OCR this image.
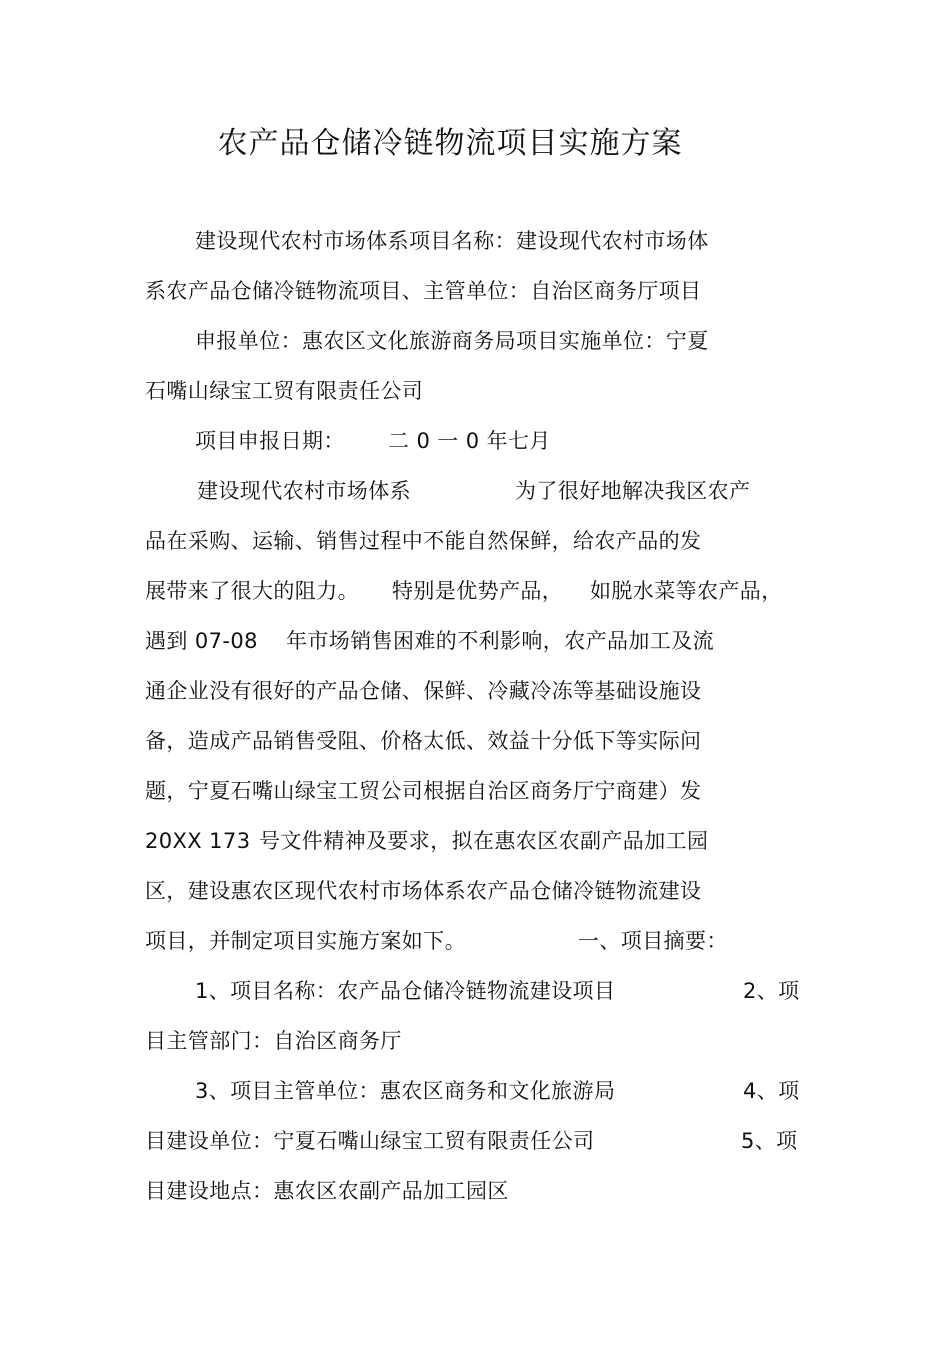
农产品仓储冷链物流项目实施方案
建设现代农村市场体系项目名称：建设现代农村市场体
系农产品仓储冷链物流项目、主管单位：自治区商务厅项目
申报单位：惠农区文化旅游商务局项目实施单位：宁夏
石嘴山绿宝工贸有限责任公司
项目申报日期： 二 0 一 0 年七月
建设现代农村市场体系	为了很好地解决我区农产
品在采购、运输、销售过程中不能自然保鲜，给农产品的发
展带来了很大的阻力。 特别是优势产品， 如脱水菜等农产品，
遇到 07-08 年市场销售困难的不利影响，农产品加工及流
通企业没有很好的产品仓储、保鲜、冷藏冷冻等基础设施设
备，造成产品销售受阻、价格太低、效益十分低下等实际问
题，宁夏石嘴山绿宝工贸公司根据自治区商务厅宁商建）发
20XX 173 号文件精神及要求，拟在惠农区农副产品加工园
区，建设惠农区现代农村市场体系农产品仓储冷链物流建设
项目，并制定项目实施方案如下。	一、项目摘要：
1、项目名称：农产品仓储冷链物流建设项目	2、项
目主管部门：自治区商务厅
3、项目主管单位：惠农区商务和文化旅游局	4、项
目建设单位：宁夏石嘴山绿宝工贸有限责任公司	5、项
目建设地点：惠农区农副产品加工园区
